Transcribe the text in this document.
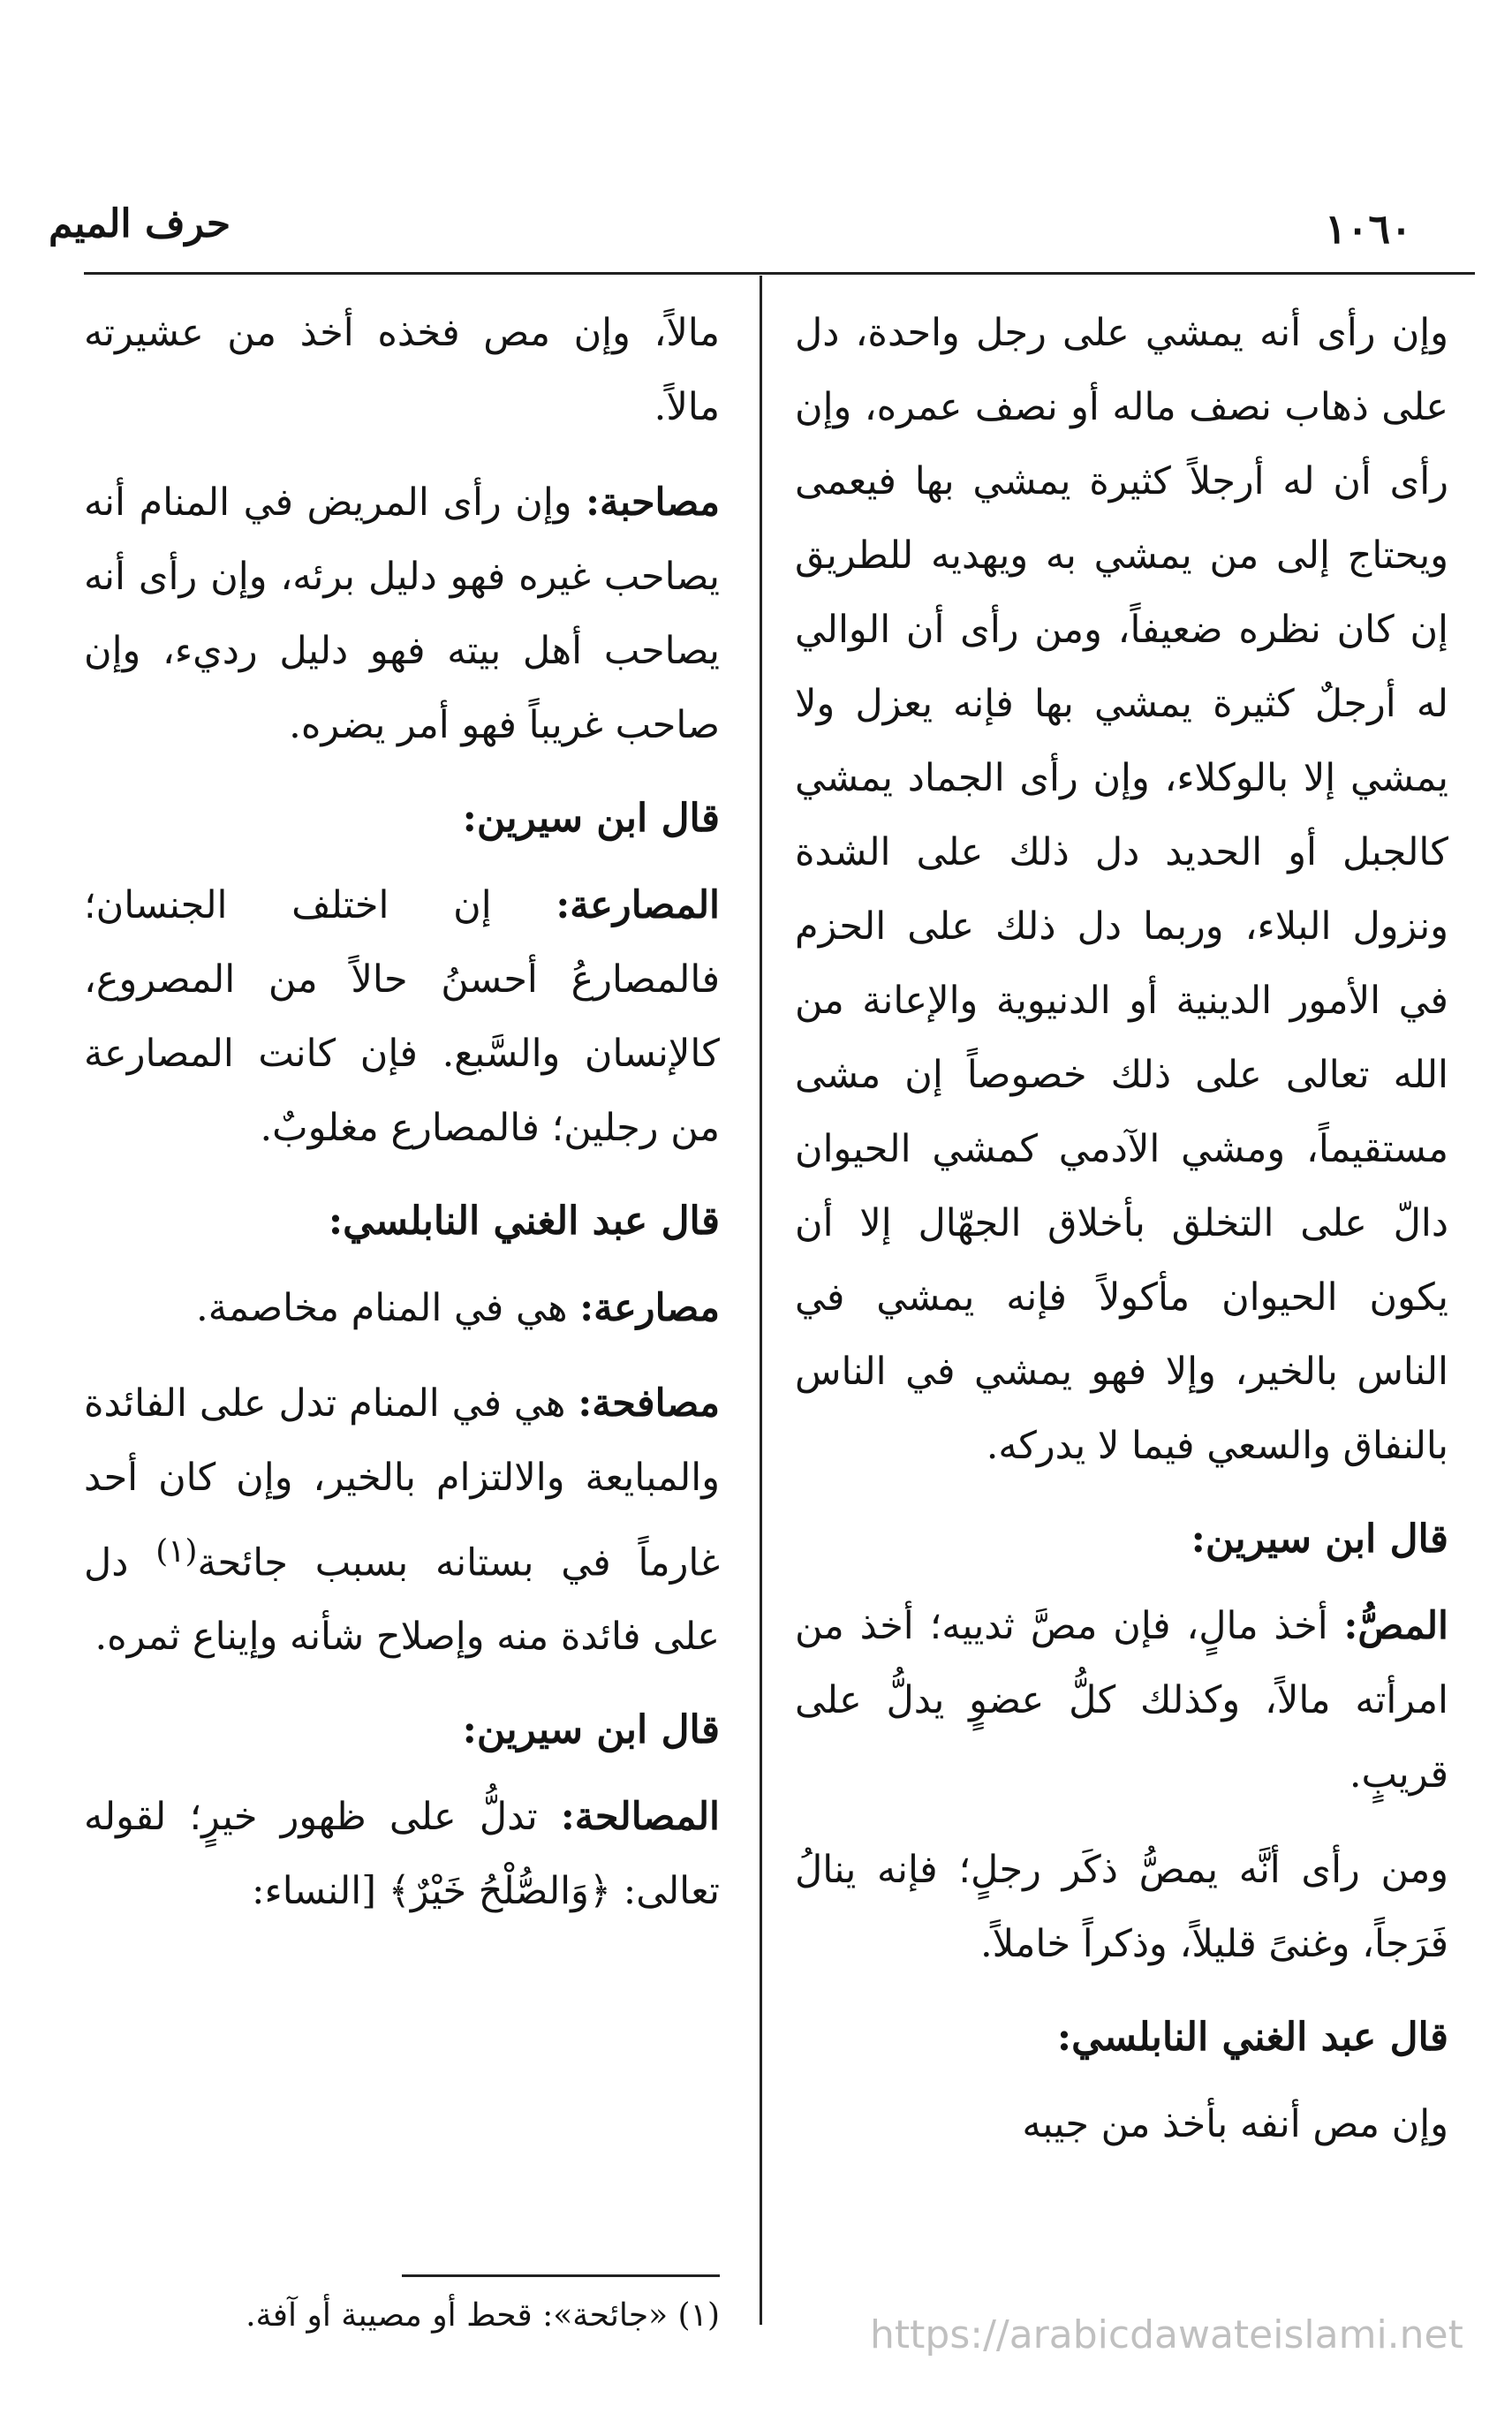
١٠٦٠
حرف الميم

وإن رأى أنه يمشي على رجل واحدة، دل على ذهاب نصف ماله أو نصف عمره، وإن رأى أن له أرجلاً كثيرة يمشي بها فيعمى ويحتاج إلى من يمشي به ويهديه للطريق إن كان نظره ضعيفاً، ومن رأى أن الوالي له أرجلٌ كثيرة يمشي بها فإنه يعزل ولا يمشي إلا بالوكلاء، وإن رأى الجماد يمشي كالجبل أو الحديد دل ذلك على الشدة ونزول البلاء، وربما دل ذلك على الحزم في الأمور الدينية أو الدنيوية والإعانة من الله تعالى على ذلك خصوصاً إن مشى مستقيماً، ومشي الآدمي كمشي الحيوان دالّ على التخلق بأخلاق الجهّال إلا أن يكون الحيوان مأكولاً فإنه يمشي في الناس بالخير، وإلا فهو يمشي في الناس بالنفاق والسعي فيما لا يدركه.

قال ابن سيرين:

المصُّ: أخذ مالٍ، فإن مصَّ ثدييه؛ أخذ من امرأته مالاً، وكذلك كلُّ عضوٍ يدلُّ على قريبٍ.

ومن رأى أنَّه يمصُّ ذكَر رجلٍ؛ فإنه ينالُ فَرَجاً، وغنىً قليلاً، وذكراً خاملاً.

قال عبد الغني النابلسي:

وإن مص أنفه بأخذ من جيبه

مالاً، وإن مص فخذه أخذ من عشيرته مالاً.

مصاحبة: وإن رأى المريض في المنام أنه يصاحب غيره فهو دليل برئه، وإن رأى أنه يصاحب أهل بيته فهو دليل رديء، وإن صاحب غريباً فهو أمر يضره.

قال ابن سيرين:

المصارعة: إن اختلف الجنسان؛ فالمصارعُ أحسنُ حالاً من المصروع، كالإنسان والسَّبع. فإن كانت المصارعة من رجلين؛ فالمصارع مغلوبٌ.

قال عبد الغني النابلسي:

مصارعة: هي في المنام مخاصمة.

مصافحة: هي في المنام تدل على الفائدة والمبايعة والالتزام بالخير، وإن كان أحد غارماً في بستانه بسبب جائحة$^{(١)}$ دل على فائدة منه وإصلاح شأنه وإيناع ثمره.

قال ابن سيرين:

المصالحة: تدلُّ على ظهور خيرٍ؛ لقوله تعالى: ﴿وَالصُّلْحُ خَيْرٌ﴾ [النساء:

(١) «جائحة»: قحط أو مصيبة أو آفة.	https://arabicdawateislami.net
